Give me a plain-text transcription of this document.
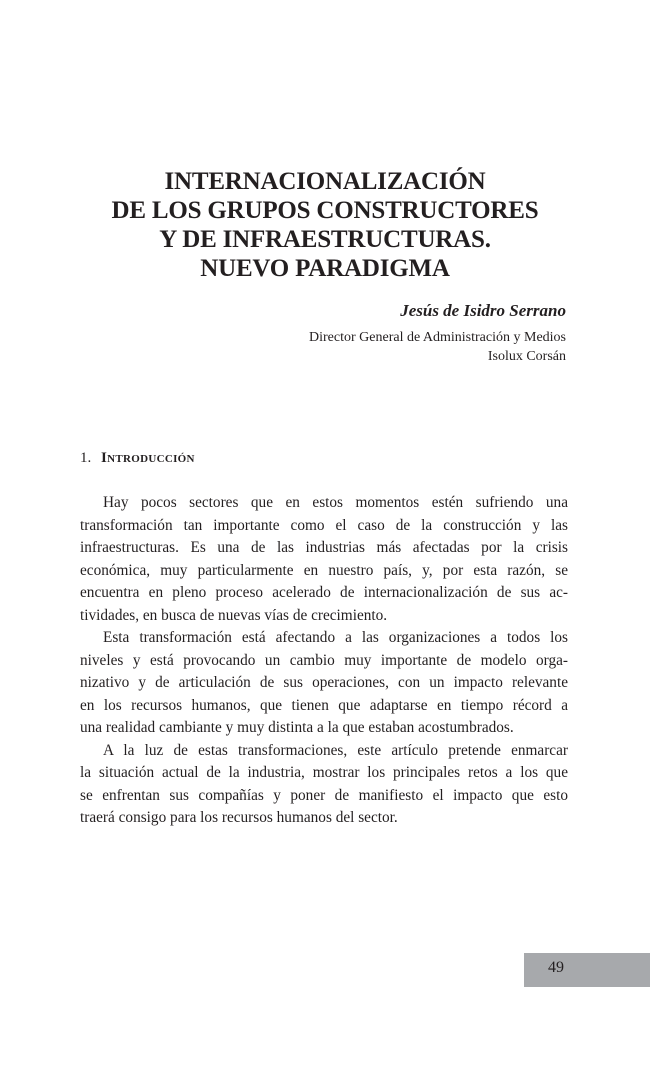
INTERNACIONALIZACIÓN
DE LOS GRUPOS CONSTRUCTORES
Y DE INFRAESTRUCTURAS.
NUEVO PARADIGMA
Jesús de Isidro Serrano
Director General de Administración y Medios
Isolux Corsán
1. Introducción
Hay pocos sectores que en estos momentos estén sufriendo una
transformación tan importante como el caso de la construcción y las
infraestructuras. Es una de las industrias más afectadas por la crisis
económica, muy particularmente en nuestro país, y, por esta razón, se
encuentra en pleno proceso acelerado de internacionalización de sus ac-
tividades, en busca de nuevas vías de crecimiento.
Esta transformación está afectando a las organizaciones a todos los
niveles y está provocando un cambio muy importante de modelo orga-
nizativo y de articulación de sus operaciones, con un impacto relevante
en los recursos humanos, que tienen que adaptarse en tiempo récord a
una realidad cambiante y muy distinta a la que estaban acostumbrados.
A la luz de estas transformaciones, este artículo pretende enmarcar
la situación actual de la industria, mostrar los principales retos a los que
se enfrentan sus compañías y poner de manifiesto el impacto que esto
traerá consigo para los recursos humanos del sector.
49
